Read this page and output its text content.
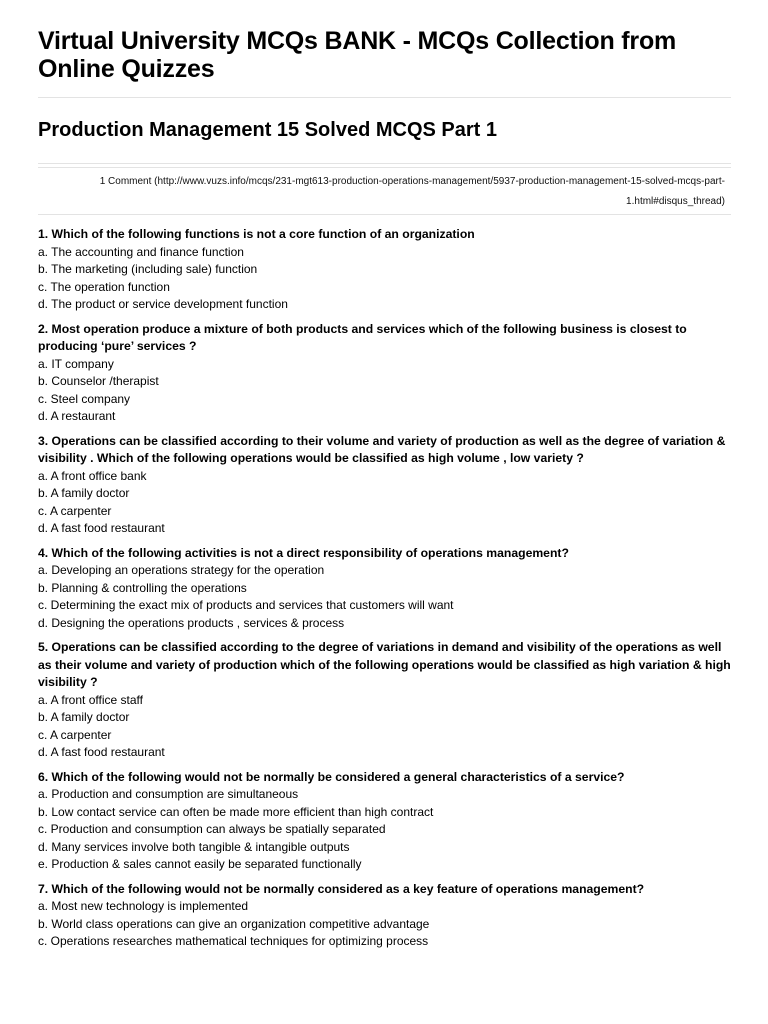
Virtual University MCQs BANK - MCQs Collection from Online Quizzes
Production Management 15 Solved MCQS Part 1
1 Comment (http://www.vuzs.info/mcqs/231-mgt613-production-operations-management/5937-production-management-15-solved-mcqs-part-1.html#disqus_thread)
1. Which of the following functions is not a core function of an organization
a. The accounting and finance function
b. The marketing (including sale) function
c. The operation function
d. The product or service development function
2. Most operation produce a mixture of both products and services which of the following business is closest to producing ‘pure’ services ?
a. IT company
b. Counselor /therapist
c. Steel company
d. A restaurant
3. Operations can be classified according to their volume and variety of production as well as the degree of variation & visibility . Which of the following operations would be classified as high volume , low variety ?
a. A front office bank
b. A family doctor
c. A carpenter
d. A fast food restaurant
4. Which of the following activities is not a direct responsibility of operations management?
a. Developing an operations strategy for the operation
b. Planning & controlling the operations
c. Determining the exact mix of products and services that customers will want
d. Designing the operations products , services & process
5. Operations can be classified according to the degree of variations in demand and visibility of the operations as well as their volume and variety of production which of the following operations would be classified as high variation & high visibility ?
a. A front office staff
b. A family doctor
c. A carpenter
d. A fast food restaurant
6. Which of the following would not be normally be considered a general characteristics of a service?
a. Production and consumption are simultaneous
b. Low contact service can often be made more efficient than high contract
c. Production and consumption can always be spatially separated
d. Many services involve both tangible & intangible outputs
e. Production & sales cannot easily be separated functionally
7. Which of the following would not be normally considered as a key feature of operations management?
a. Most new technology is implemented
b. World class operations can give an organization competitive advantage
c. Operations researches mathematical techniques for optimizing process
